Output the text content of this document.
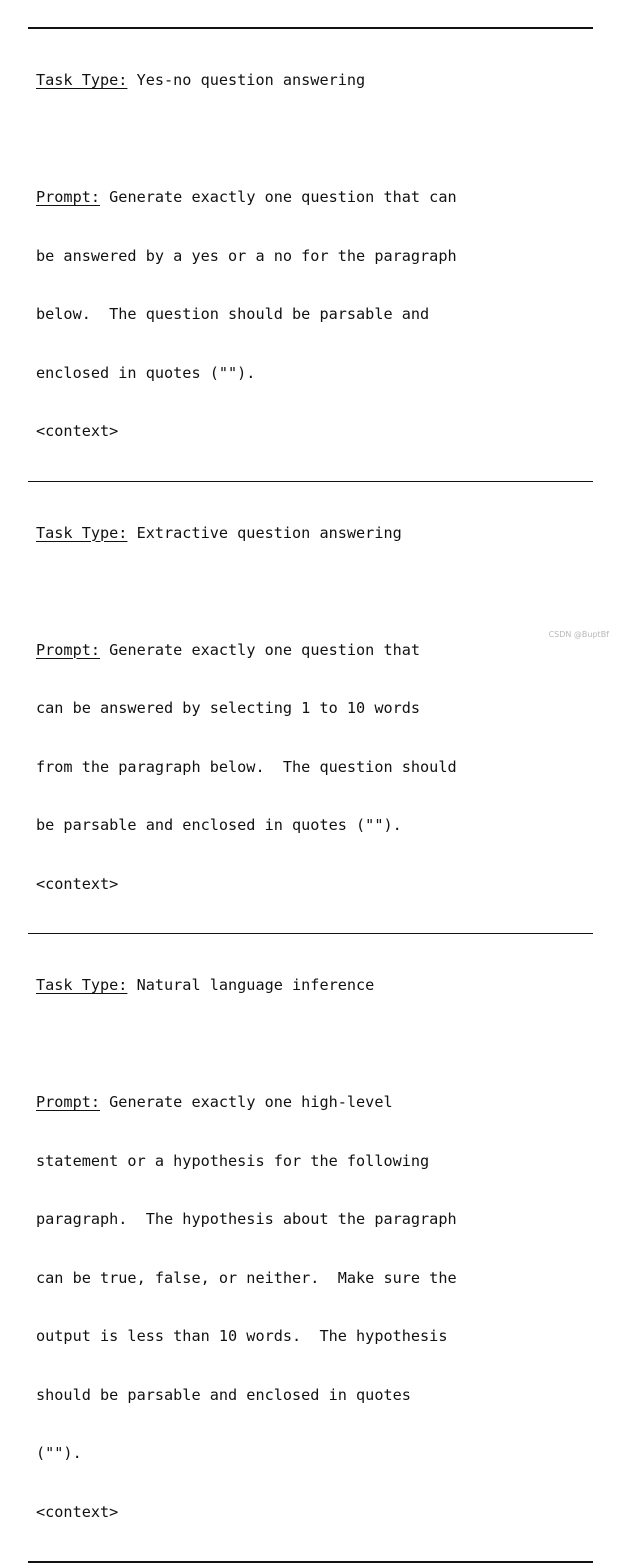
Task Type: Yes-no question answering

Prompt: Generate exactly one question that can

be answered by a yes or a no for the paragraph

below.  The question should be parsable and

enclosed in quotes ("").

<context>

Task Type: Extractive question answering

Prompt: Generate exactly one question that

can be answered by selecting 1 to 10 words

from the paragraph below.  The question should

be parsable and enclosed in quotes ("").

<context>

Task Type: Natural language inference

Prompt: Generate exactly one high-level

statement or a hypothesis for the following

paragraph.  The hypothesis about the paragraph

can be true, false, or neither.  Make sure the

output is less than 10 words.  The hypothesis

should be parsable and enclosed in quotes

("").

<context>

CSDN @BuptBf
